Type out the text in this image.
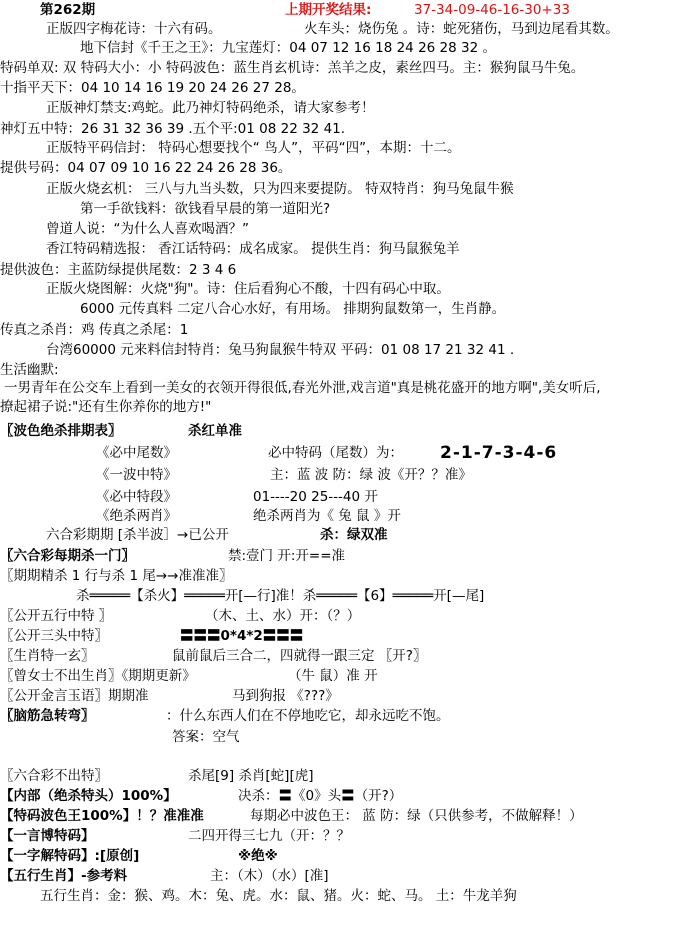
第262期	上期开奖结果:	37-34-09-46-16-30+33
正版四字梅花诗：十六有码。	火车头：烧伤兔 。诗：蛇死猪伤，马到边尾看其数。
地下信封《千王之王》：九宝莲灯：04 07 12 16 18 24 26 28 32 。
特码单双: 双 特码大小：小 特码波色：蓝生肖玄机诗：羔羊之皮，素丝四马。主：猴狗鼠马牛兔。
十指平天下：04 10 14 16 19 20 24 26 27 28。
正版神灯禁支:鸡蛇。此乃神灯特码绝杀，请大家参考！
神灯五中特：26 31 32 36 39 .五个平:01 08 22 32 41.
正版特平码信封： 特码心想要找个“ 鸟人”，平码“四”，本期：十二。
提供号码：04 07 09 10 16 22 24 26 28 36。
正版火烧玄机： 三八与九当头数，只为四来要提防。 特双特肖：狗马兔鼠牛猴
第一手欲钱料：欲钱看早晨的第一道阳光?
曾道人说：“为什么人喜欢喝酒？”
香江特码精选报： 香江话特码：成名成家。 提供生肖：狗马鼠猴兔羊
提供波色：主蓝防绿提供尾数：2 3 4 6
正版火烧图解：火烧"狗"。诗：住后看狗心不酸，十四有码心中取。
6000 元传真料 二定八合心水好，有用场。 排期狗鼠数第一，生肖静。
传真之杀肖：鸡 传真之杀尾：1
台湾60000 元来料信封特肖：兔马狗鼠猴牛特双 平码：01 08 17 21 32 41 .
生活幽默:
一男青年在公交车上看到一美女的衣领开得很低,春光外泄,戏言道"真是桃花盛开的地方啊",美女听后,
撩起裙子说:"还有生你养你的地方!"
〖波色绝杀排期表〗	杀红单准
《必中尾数》	必中特码（尾数）为： 2-1-7-3-4-6
《一波中特》	主：蓝 波 防：绿 波《开？？准》
《必中特段》	01----20 25---40 开
《绝杀两肖》	绝杀两肖为《 兔 鼠 》开
六合彩期期 [杀半波］→已公开	杀：绿双准
〖六合彩每期杀一门〗	禁:壹门 开:开==准
〖期期精杀 1 行与杀 1 尾→→准准准〗
杀═════【杀火】═════开[—行]准！杀═════【6】═════开[—尾]
〖公开五行中特 〗	（木、土、水）开：（？）
〖公开三头中特〗	〓〓〓0*4*2〓〓〓
〖生肖特一玄〗	鼠前鼠后三合二，四就得一跟三定 〖开?〗
〖曾女士不出生肖〗《期期更新》	（牛 鼠）准 开
〖公开金言玉语〗期期准	马到狗报 《???》
〖脑筋急转弯〗	：什么东西人们在不停地吃它，却永远吃不饱。
答案：空气
〖六合彩不出特〗	杀尾[9] 杀肖[蛇][虎]
【内部（绝杀特头）100%】	决杀：〓《0》头〓（开?）
【特码波色王100%】！？准准准	每期必中波色王： 蓝 防：绿（只供参考，不做解释！）
【一言博特码】	二四开得三七九（开：？？
【一字解特码】:[原创]	※绝※
【五行生肖】-参考料	主：（木）（水）[准]
五行生肖：金：猴、鸡。木：兔、虎。水：鼠、猪。火：蛇、马。 土：牛龙羊狗
